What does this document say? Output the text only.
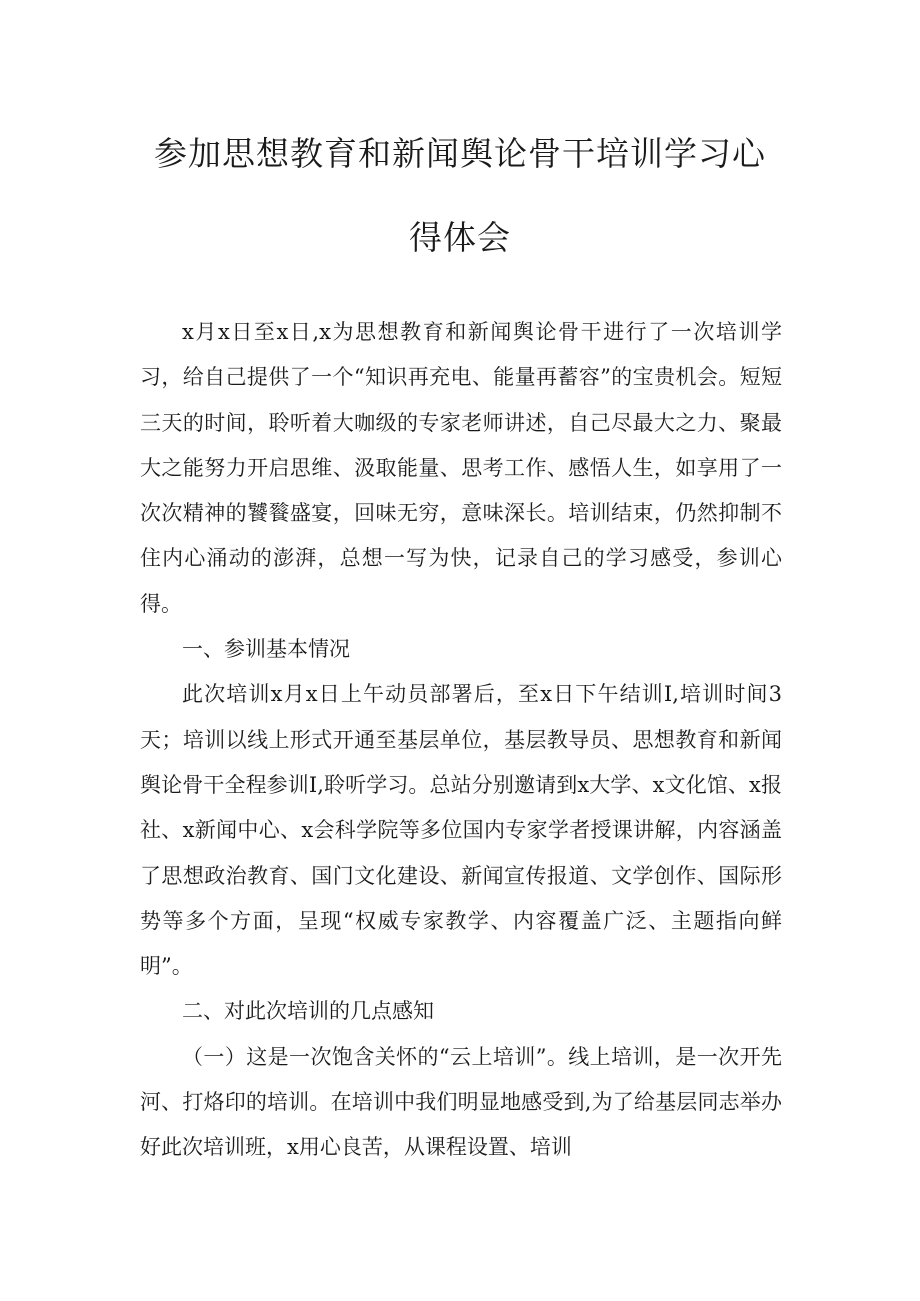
参加思想教育和新闻舆论骨干培训学习心
得体会

x月x日至x日,x为思想教育和新闻舆论骨干进行了一次培训学习，给自己提供了一个“知识再充电、能量再蓄容”的宝贵机会。短短三天的时间，聆听着大咖级的专家老师讲述，自己尽最大之力、聚最大之能努力开启思维、汲取能量、思考工作、感悟人生，如享用了一次次精神的饕餮盛宴，回味无穷，意味深长。培训结束，仍然抑制不住内心涌动的澎湃，总想一写为快，记录自己的学习感受，参训心得。

一、参训基本情况

此次培训x月x日上午动员部署后，至x日下午结训I,培训时间3天；培训以线上形式开通至基层单位，基层教导员、思想教育和新闻舆论骨干全程参训I,聆听学习。总站分别邀请到x大学、x文化馆、x报社、x新闻中心、x会科学院等多位国内专家学者授课讲解，内容涵盖了思想政治教育、国门文化建设、新闻宣传报道、文学创作、国际形势等多个方面，呈现“权威专家教学、内容覆盖广泛、主题指向鲜明”。

二、对此次培训的几点感知

（一）这是一次饱含关怀的“云上培训”。线上培训，是一次开先河、打烙印的培训。在培训中我们明显地感受到,为了给基层同志举办好此次培训班，x用心良苦，从课程设置、培训
